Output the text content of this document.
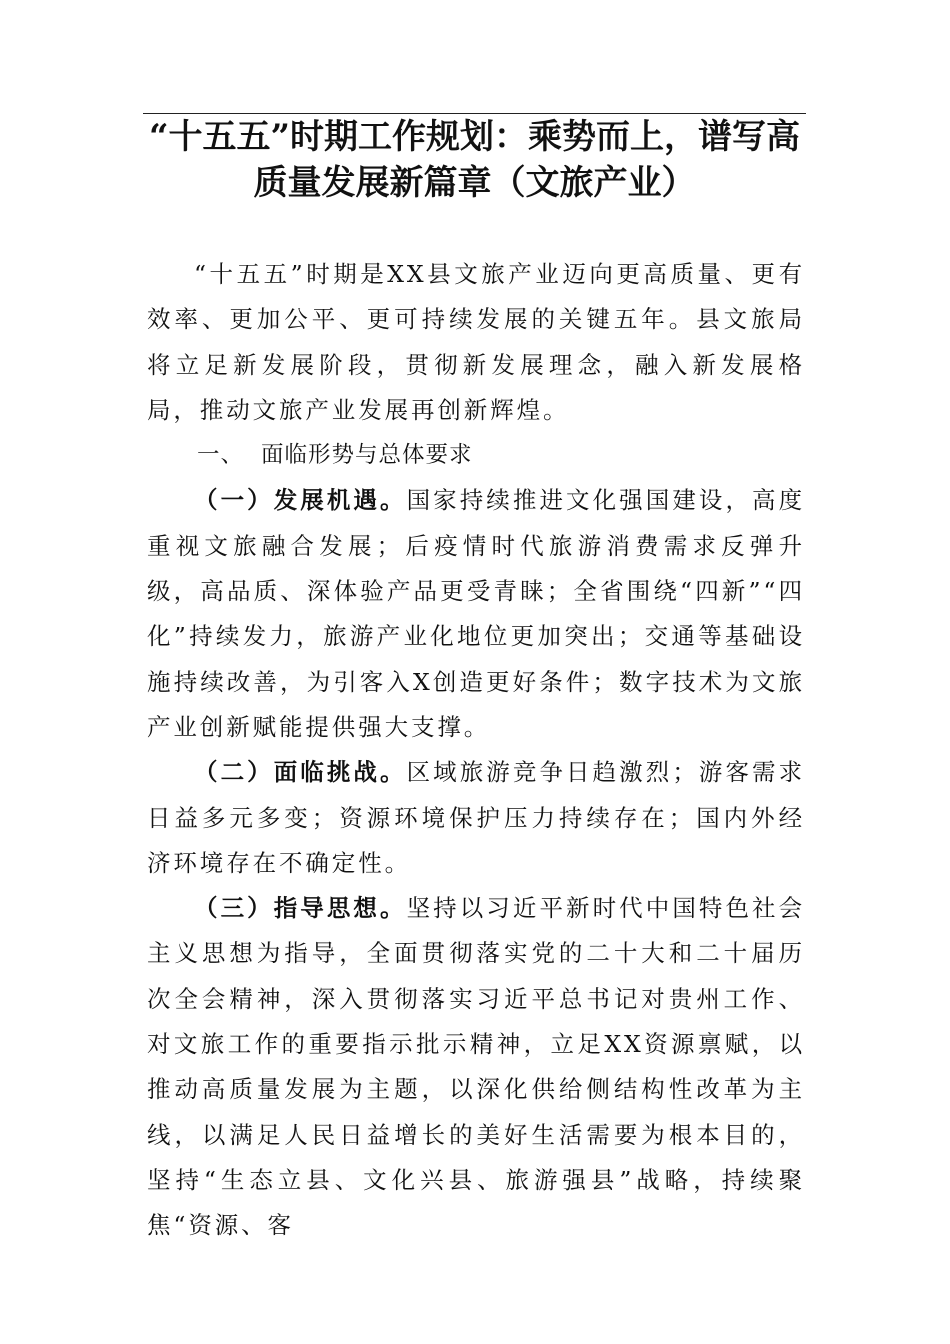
“十五五”时期工作规划：乘势而上，谱写高质量发展新篇章（文旅产业）

“十五五”时期是XX县文旅产业迈向更高质量、更有效率、更加公平、更可持续发展的关键五年。县文旅局将立足新发展阶段，贯彻新发展理念，融入新发展格局，推动文旅产业发展再创新辉煌。

一、 面临形势与总体要求

（一）发展机遇。国家持续推进文化强国建设，高度重视文旅融合发展；后疫情时代旅游消费需求反弹升级，高品质、深体验产品更受青睐；全省围绕“四新”“四化”持续发力，旅游产业化地位更加突出；交通等基础设施持续改善，为引客入X创造更好条件；数字技术为文旅产业创新赋能提供强大支撑。

（二）面临挑战。区域旅游竞争日趋激烈；游客需求日益多元多变；资源环境保护压力持续存在；国内外经济环境存在不确定性。

（三）指导思想。坚持以习近平新时代中国特色社会主义思想为指导，全面贯彻落实党的二十大和二十届历次全会精神，深入贯彻落实习近平总书记对贵州工作、对文旅工作的重要指示批示精神，立足XX资源禀赋，以推动高质量发展为主题，以深化供给侧结构性改革为主线，以满足人民日益增长的美好生活需要为根本目的，坚持“生态立县、文化兴县、旅游强县”战略，持续聚焦“资源、客
